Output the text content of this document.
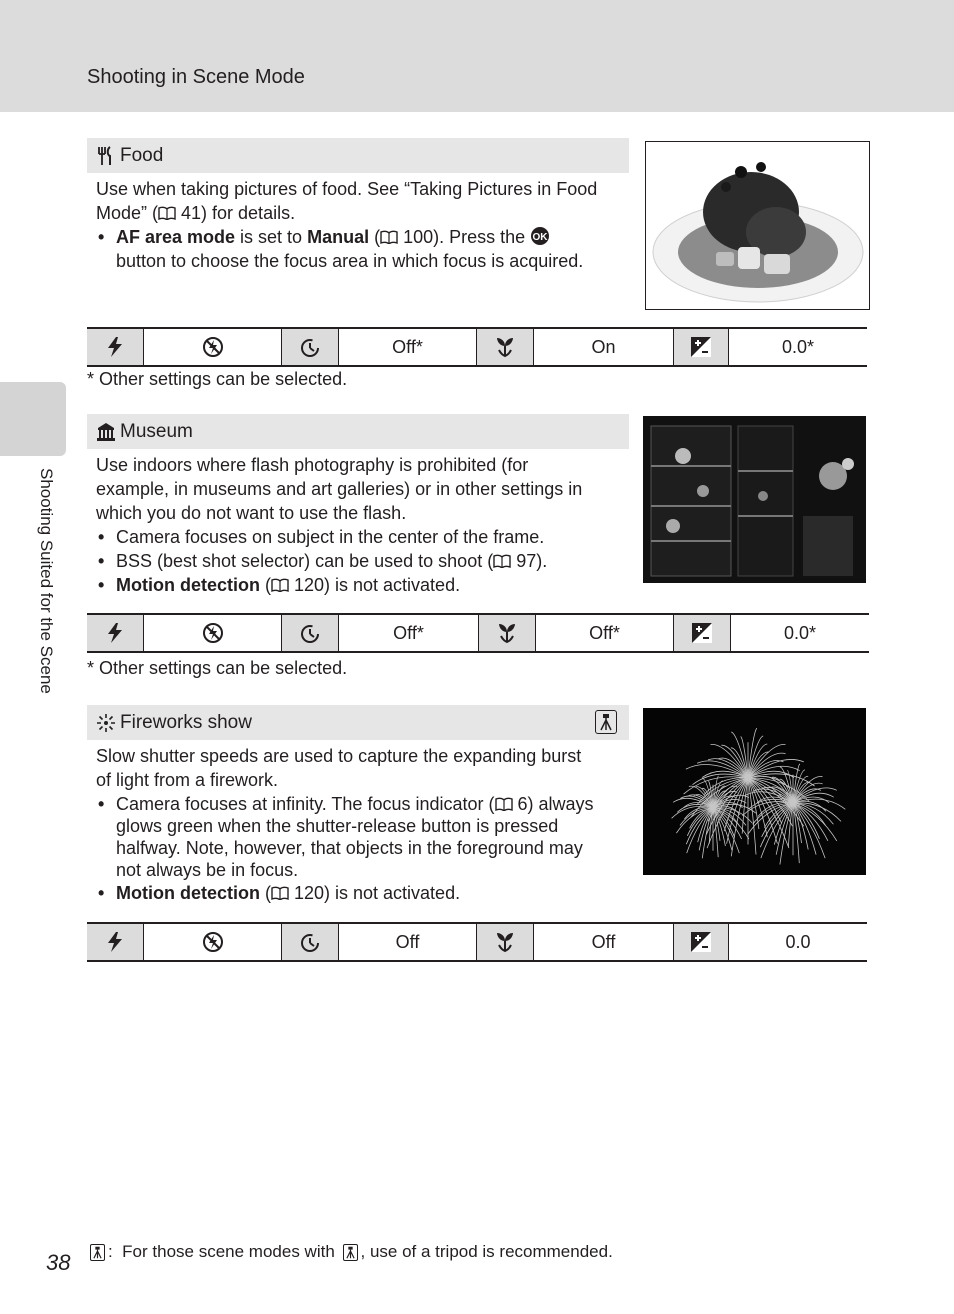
Shooting in Scene Mode
Shooting Suited for the Scene
Food

Use when taking pictures of food. See “Taking Pictures in Food
Mode” ( 41) for details.

• AF area mode is set to Manual ( 100). Press the OK

button to choose the focus area in which focus is acquired.
Off*	On	0.0*
* Other settings can be selected.
Museum

Use indoors where flash photography is prohibited (for
example, in museums and art galleries) or in other settings in
which you do not want to use the flash.

• Camera focuses on subject in the center of the frame.
• BSS (best shot selector) can be used to shoot ( 97).
• Motion detection ( 120) is not activated.
Off*	Off*	0.0*
* Other settings can be selected.
Fireworks show

Slow shutter speeds are used to capture the expanding burst
of light from a firework.

• Camera focuses at infinity. The focus indicator ( 6) always
glows green when the shutter-release button is pressed
halfway. Note, however, that objects in the foreground may
not always be in focus.
• Motion detection ( 120) is not activated.
Off	Off	0.0
38 :  For those scene modes with , use of a tripod is recommended.
